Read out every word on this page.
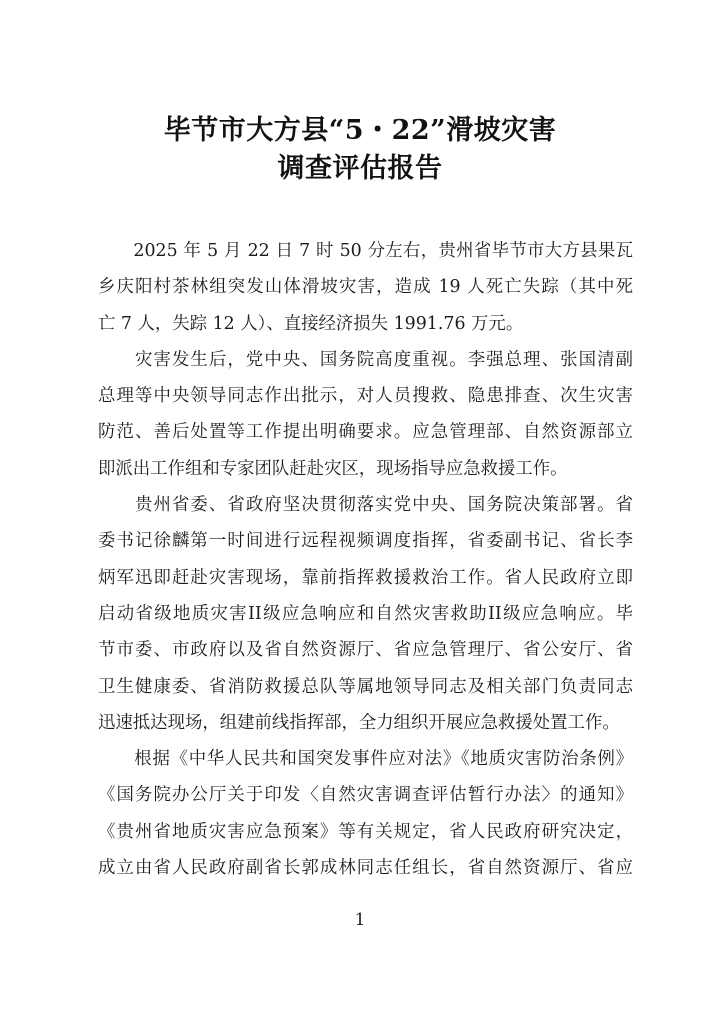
毕节市大方县“5・22”滑坡灾害
调查评估报告
　　2025 年 5 月 22 日 7 时 50 分左右，贵州省毕节市大方县果瓦
乡庆阳村茶林组突发山体滑坡灾害，造成 19 人死亡失踪（其中死
亡 7 人，失踪 12 人）、直接经济损失 1991.76 万元。
　　灾害发生后，党中央、国务院高度重视。李强总理、张国清副
总理等中央领导同志作出批示，对人员搜救、隐患排查、次生灾害
防范、善后处置等工作提出明确要求。应急管理部、自然资源部立
即派出工作组和专家团队赶赴灾区，现场指导应急救援工作。
　　贵州省委、省政府坚决贯彻落实党中央、国务院决策部署。省
委书记徐麟第一时间进行远程视频调度指挥，省委副书记、省长李
炳军迅即赶赴灾害现场，靠前指挥救援救治工作。省人民政府立即
启动省级地质灾害II级应急响应和自然灾害救助II级应急响应。毕
节市委、市政府以及省自然资源厅、省应急管理厅、省公安厅、省
卫生健康委、省消防救援总队等属地领导同志及相关部门负责同志
迅速抵达现场，组建前线指挥部，全力组织开展应急救援处置工作。
　　根据《中华人民共和国突发事件应对法》《地质灾害防治条例》
《国务院办公厅关于印发〈自然灾害调查评估暂行办法〉的通知》
《贵州省地质灾害应急预案》等有关规定，省人民政府研究决定，
成立由省人民政府副省长郭成林同志任组长，省自然资源厅、省应
1
